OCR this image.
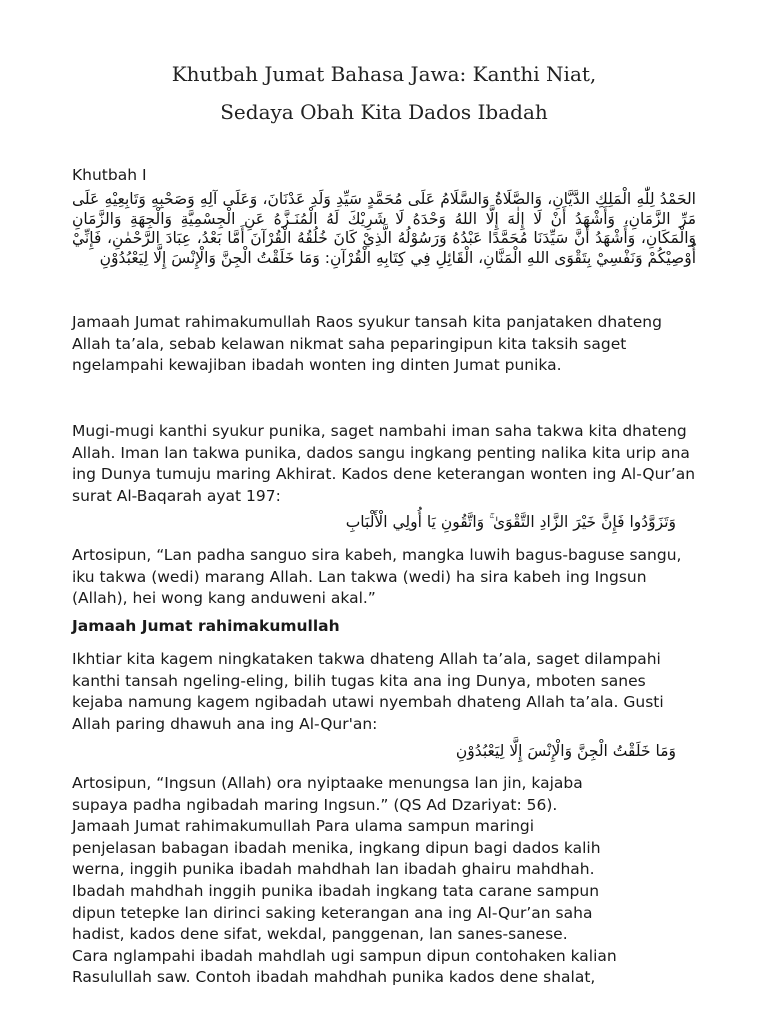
Khutbah Jumat Bahasa Jawa: Kanthi Niat,
Sedaya Obah Kita Dados Ibadah
Khutbah I
الحَمْدُ لِلّٰهِ الْمَلِكِ الدَّيَّانِ، وَالصَّلَاةُ وَالسَّلَامُ عَلَى مُحَمَّدٍ سَيِّدِ وَلَدِ عَدْنَانَ، وَعَلَى آلِهِ وَصَحْبِهِ وَتَابِعِيْهِ عَلَى مَرِّ الزَّمَانِ، وَأَشْهَدُ أَنْ لَا إِلٰهَ إِلَّا اللهُ وَحْدَهُ لَا شَرِيْكَ لَهُ الْمُنَـزَّهُ عَنِ الْجِسْمِيَّةِ وَالْجِهَةِ وَالزَّمَانِ وَالْمَكَانِ، وَأَشْهَدُ أَنَّ سَيِّدَنَا مُحَمَّدًا عَبْدُهُ وَرَسُوْلُهُ الَّذِيْ كَانَ خُلُقُهُ الْقُرْآنَ أَمَّا بَعْدُ، عِبَادَ الرَّحْمٰنِ، فَإِنِّيْ أُوْصِيْكُمْ وَنَفْسِيْ بِتَقْوَى اللهِ الْمَنَّانِ، الْقَائِلِ فِي كِتَابِهِ الْقُرْآنِ: وَمَا خَلَقْتُ الْجِنَّ وَالْإِنْسَ إِلَّا لِيَعْبُدُوْنِ

Jamaah Jumat rahimakumullah Raos syukur tansah kita panjataken dhateng Allah ta’ala, sebab kelawan nikmat saha peparingipun kita taksih saget ngelampahi kewajiban ibadah wonten ing dinten Jumat punika.

Mugi-mugi kanthi syukur punika, saget nambahi iman saha takwa kita dhateng Allah. Iman lan takwa punika, dados sangu ingkang penting nalika kita urip ana ing Dunya tumuju maring Akhirat. Kados dene keterangan wonten ing Al-Qur’an surat Al-Baqarah ayat 197:

وَتَزَوَّدُوا فَإِنَّ خَيْرَ الزَّادِ التَّقْوَىٰ ۚ وَاتَّقُونِ يَا أُولِي الْأَلْبَابِ

Artosipun, “Lan padha sanguo sira kabeh, mangka luwih bagus-baguse sangu, iku takwa (wedi) marang Allah. Lan takwa (wedi) ha sira kabeh ing Ingsun (Allah), hei wong kang anduweni akal.”

Jamaah Jumat rahimakumullah

Ikhtiar kita kagem ningkataken takwa dhateng Allah ta’ala, saget dilampahi kanthi tansah ngeling-eling, bilih tugas kita ana ing Dunya, mboten sanes kejaba namung kagem ngibadah utawi nyembah dhateng Allah ta’ala. Gusti Allah paring dhawuh ana ing Al-Qur'an:

وَمَا خَلَقْتُ الْجِنَّ وَالْإِنْسَ إِلَّا لِيَعْبُدُوْنِ

Artosipun, “Ingsun (Allah) ora nyiptaake menungsa lan jin, kajaba
supaya padha ngibadah maring Ingsun.” (QS Ad Dzariyat: 56).
Jamaah Jumat rahimakumullah Para ulama sampun maringi
penjelasan babagan ibadah menika, ingkang dipun bagi dados kalih
werna, inggih punika ibadah mahdhah lan ibadah ghairu mahdhah.
Ibadah mahdhah inggih punika ibadah ingkang tata carane sampun
dipun tetepke lan dirinci saking keterangan ana ing Al-Qur’an saha
hadist, kados dene sifat, wekdal, panggenan, lan sanes-sanese.
Cara nglampahi ibadah mahdlah ugi sampun dipun contohaken kalian
Rasulullah saw. Contoh ibadah mahdhah punika kados dene shalat,
